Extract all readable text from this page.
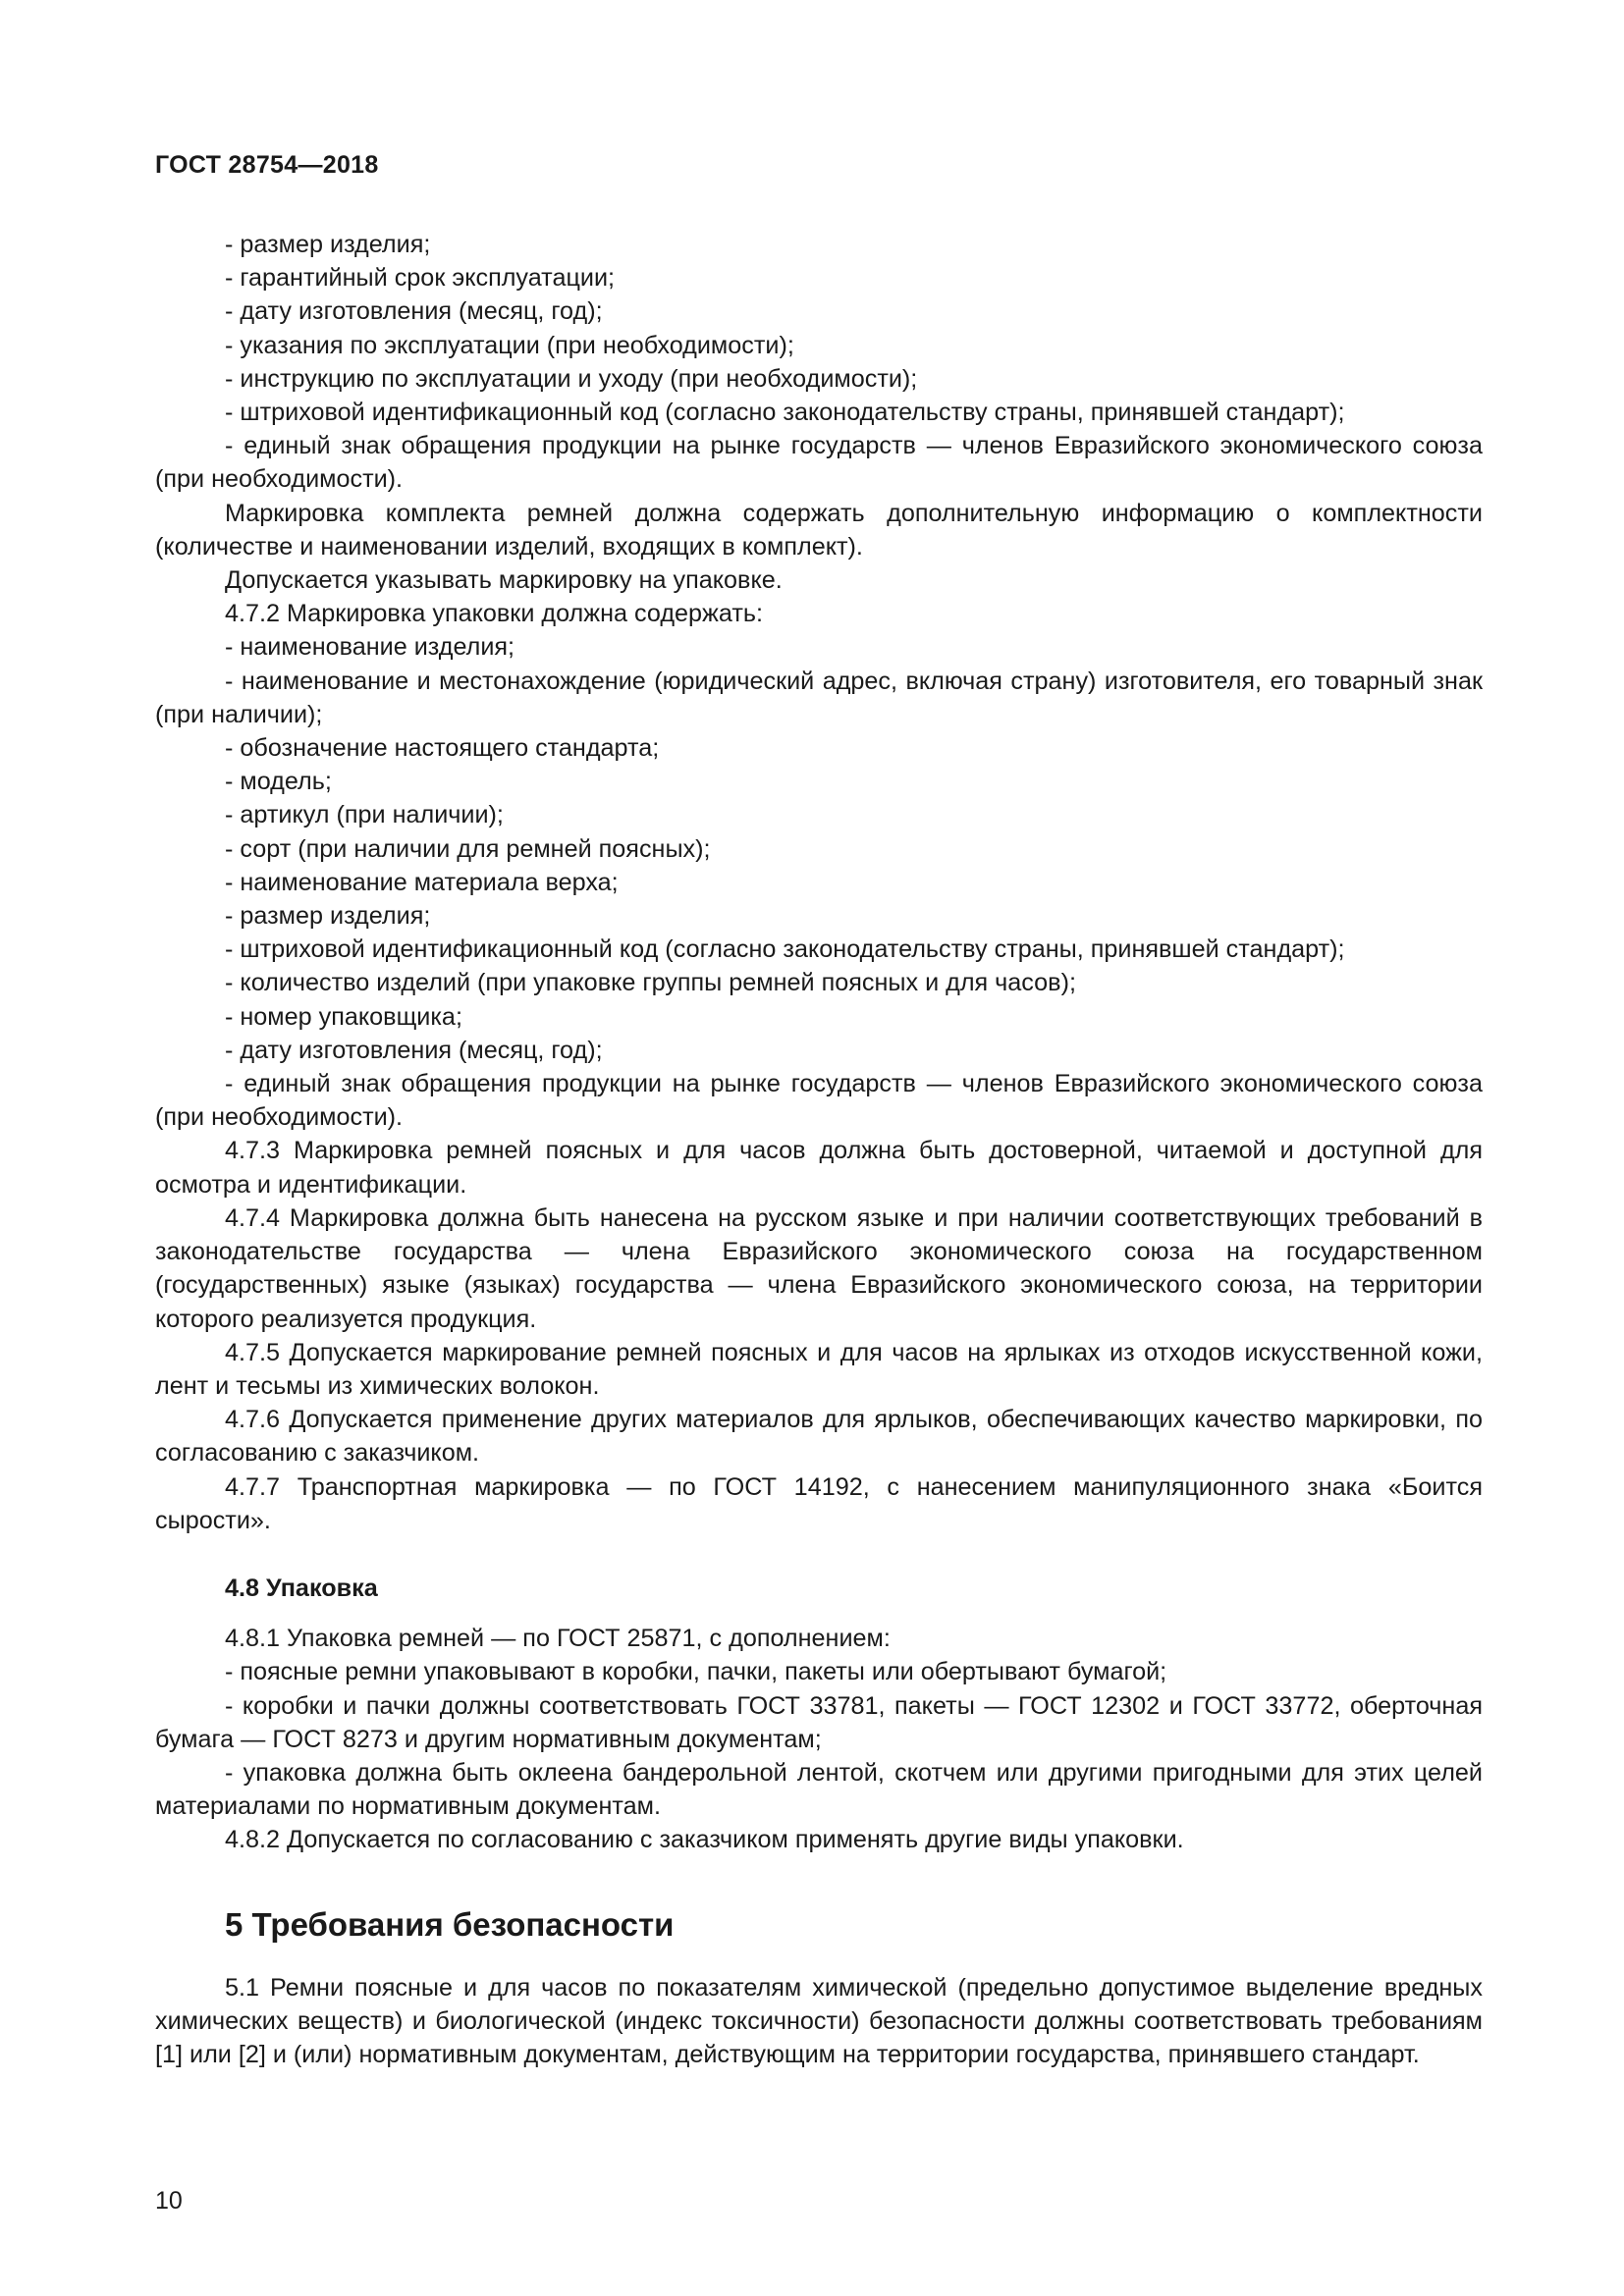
ГОСТ 28754—2018

- размер изделия;

- гарантийный срок эксплуатации;

- дату изготовления (месяц, год);

- указания по эксплуатации (при необходимости);

- инструкцию по эксплуатации и уходу (при необходимости);

- штриховой идентификационный код (согласно законодательству страны, принявшей стандарт);

- единый знак обращения продукции на рынке государств — членов Евразийского экономического союза (при необходимости).

Маркировка комплекта ремней должна содержать дополнительную информацию о комплектности (количестве и наименовании изделий, входящих в комплект).

Допускается указывать маркировку на упаковке.

4.7.2 Маркировка упаковки должна содержать:

- наименование изделия;

- наименование и местонахождение (юридический адрес, включая страну) изготовителя, его товарный знак (при наличии);

- обозначение настоящего стандарта;

- модель;

- артикул (при наличии);

- сорт (при наличии для ремней поясных);

- наименование материала верха;

- размер изделия;

- штриховой идентификационный код (согласно законодательству страны, принявшей стандарт);

- количество изделий (при упаковке группы ремней поясных и для часов);

- номер упаковщика;

- дату изготовления (месяц, год);

- единый знак обращения продукции на рынке государств — членов Евразийского экономического союза (при необходимости).

4.7.3 Маркировка ремней поясных и для часов должна быть достоверной, читаемой и доступной для осмотра и идентификации.

4.7.4 Маркировка должна быть нанесена на русском языке и при наличии соответствующих требований в законодательстве государства — члена Евразийского экономического союза на государственном (государственных) языке (языках) государства — члена Евразийского экономического союза, на территории которого реализуется продукция.

4.7.5 Допускается маркирование ремней поясных и для часов на ярлыках из отходов искусственной кожи, лент и тесьмы из химических волокон.

4.7.6 Допускается применение других материалов для ярлыков, обеспечивающих качество маркировки, по согласованию с заказчиком.

4.7.7 Транспортная маркировка — по ГОСТ 14192, с нанесением манипуляционного знака «Боится сырости».

4.8 Упаковка

4.8.1 Упаковка ремней — по ГОСТ 25871, с дополнением:

- поясные ремни упаковывают в коробки, пачки, пакеты или обертывают бумагой;

- коробки и пачки должны соответствовать ГОСТ 33781, пакеты — ГОСТ 12302 и ГОСТ 33772, оберточная бумага — ГОСТ 8273 и другим нормативным документам;

- упаковка должна быть оклеена бандерольной лентой, скотчем или другими пригодными для этих целей материалами по нормативным документам.

4.8.2 Допускается по согласованию с заказчиком применять другие виды упаковки.

5 Требования безопасности

5.1 Ремни поясные и для часов по показателям химической (предельно допустимое выделение вредных химических веществ) и биологической (индекс токсичности) безопасности должны соответствовать требованиям [1] или [2] и (или) нормативным документам, действующим на территории государства, принявшего стандарт.

10
